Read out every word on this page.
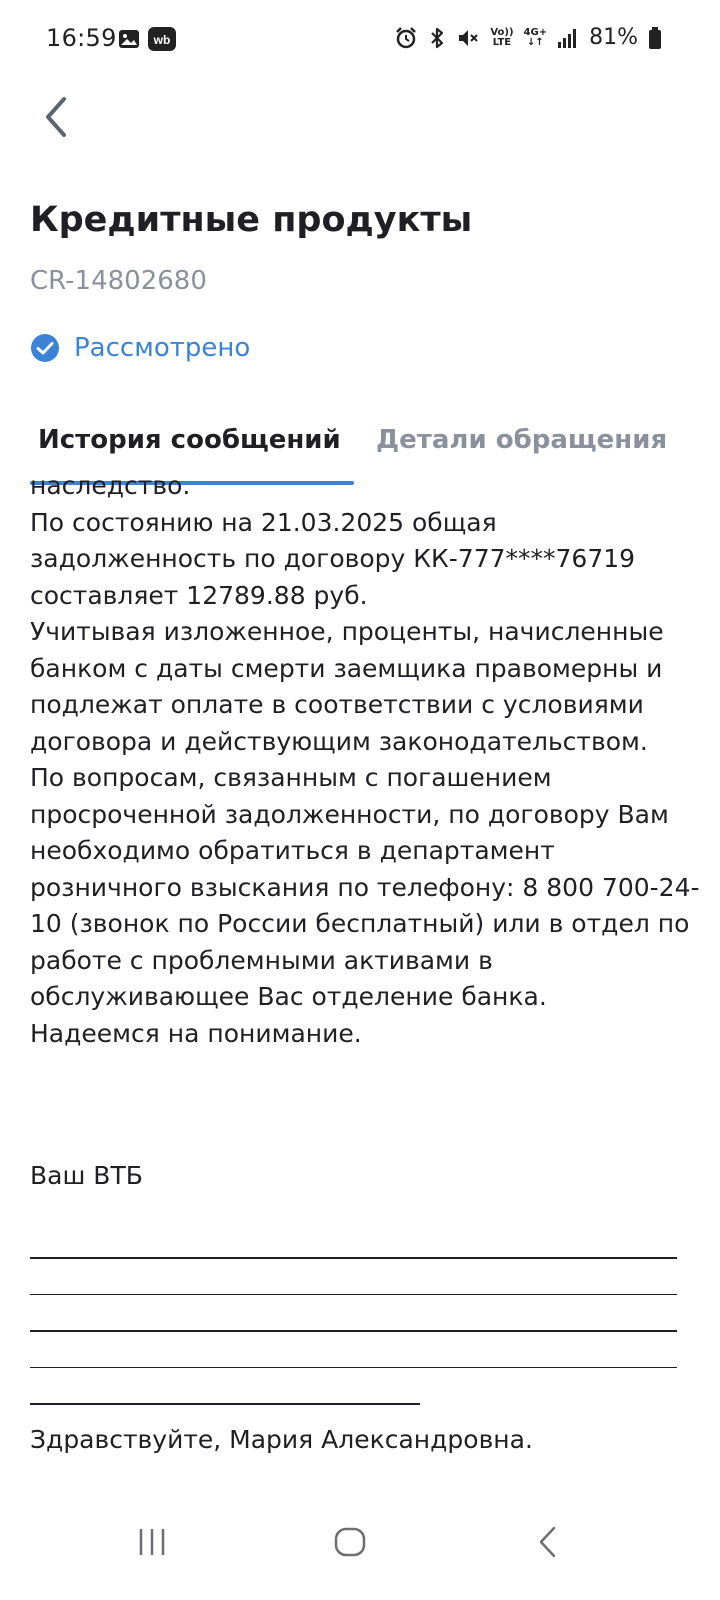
16:59	wb
Vo))
LTE
4G+
↓↑ 81%
Кредитные продукты
CR-14802680
Рассмотрено
История сообщений Детали обращения
наследство.
По состоянию на 21.03.2025 общая задолженность по договору КК-777****76719 составляет 12789.88 руб.
Учитывая изложенное, проценты, начисленные банком с даты смерти заемщика правомерны и подлежат оплате в соответствии с условиями договора и действующим законодательством.
По вопросам, связанным с погашением просроченной задолженности, по договору Вам необходимо обратиться в департамент розничного взыскания по телефону: 8 800 700-24-10 (звонок по России бесплатный) или в отдел по работе с проблемными активами в обслуживающее Вас отделение банка.
Надеемся на понимание.
Ваш ВТБ
Здравствуйте, Мария Александровна.
